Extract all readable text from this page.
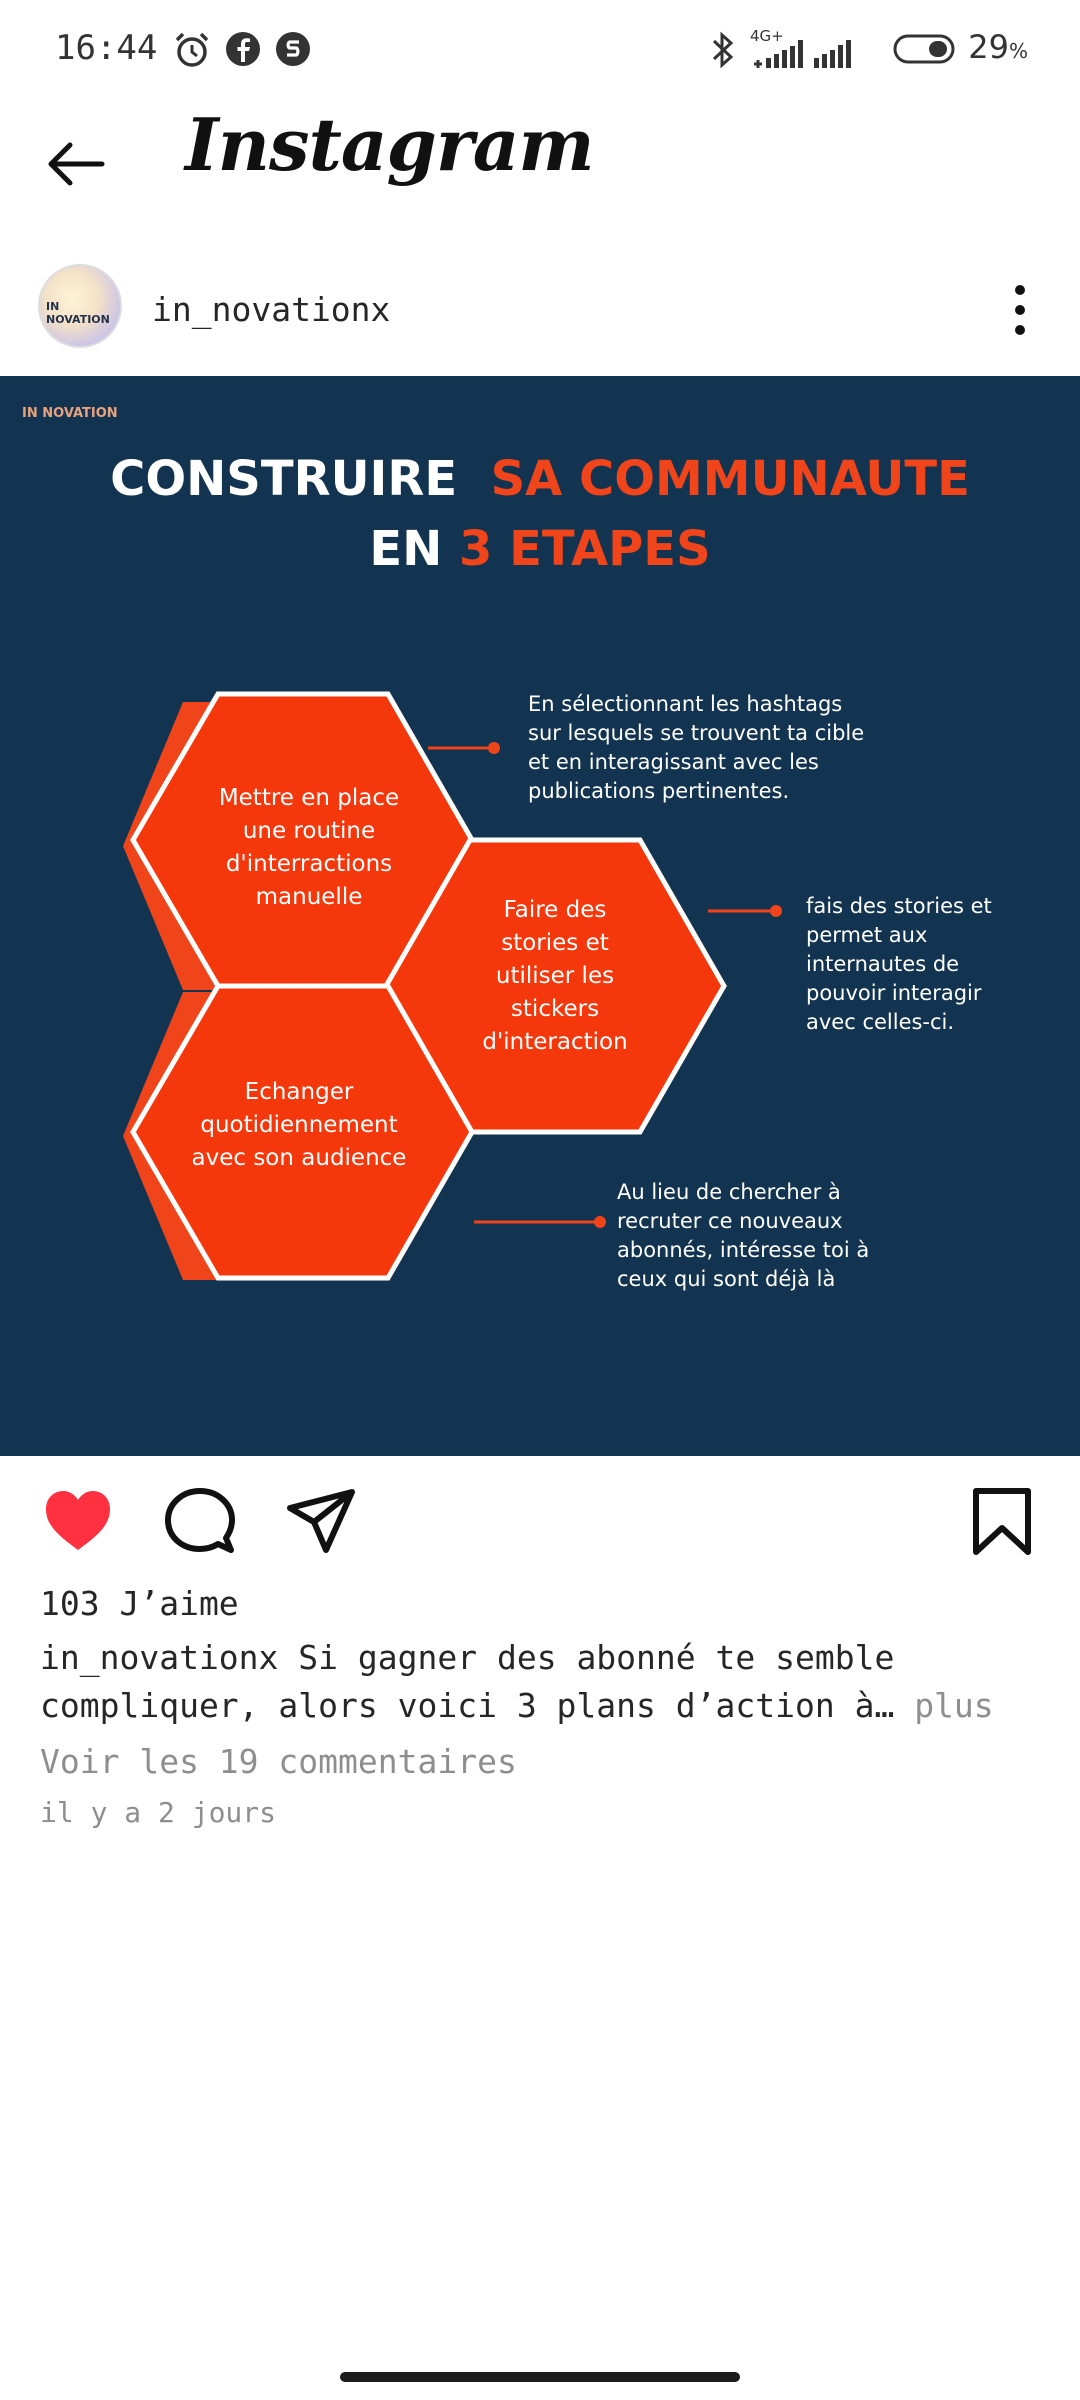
16:44	4G+	29%
Instagram
IN NOVATION	in_novationx
IN NOVATION
CONSTRUIRE SA COMMUNAUTE
EN 3 ETAPES
Mettre en place une routine d'interractions manuelle	Faire des stories et utiliser les stickers d'interaction
Echanger quotidiennement avec son audience
En sélectionnant les hashtags sur lesquels se trouvent ta cible et en interagissant avec les publications pertinentes.
fais des stories et permet aux internautes de pouvoir interagir avec celles-ci.
Au lieu de chercher à recruter ce nouveaux abonnés, intéresse toi à ceux qui sont déjà là
103 J’aime
in_novationx Si gagner des abonné te semble compliquer, alors voici 3 plans d’action à… plus
Voir les 19 commentaires
il y a 2 jours
